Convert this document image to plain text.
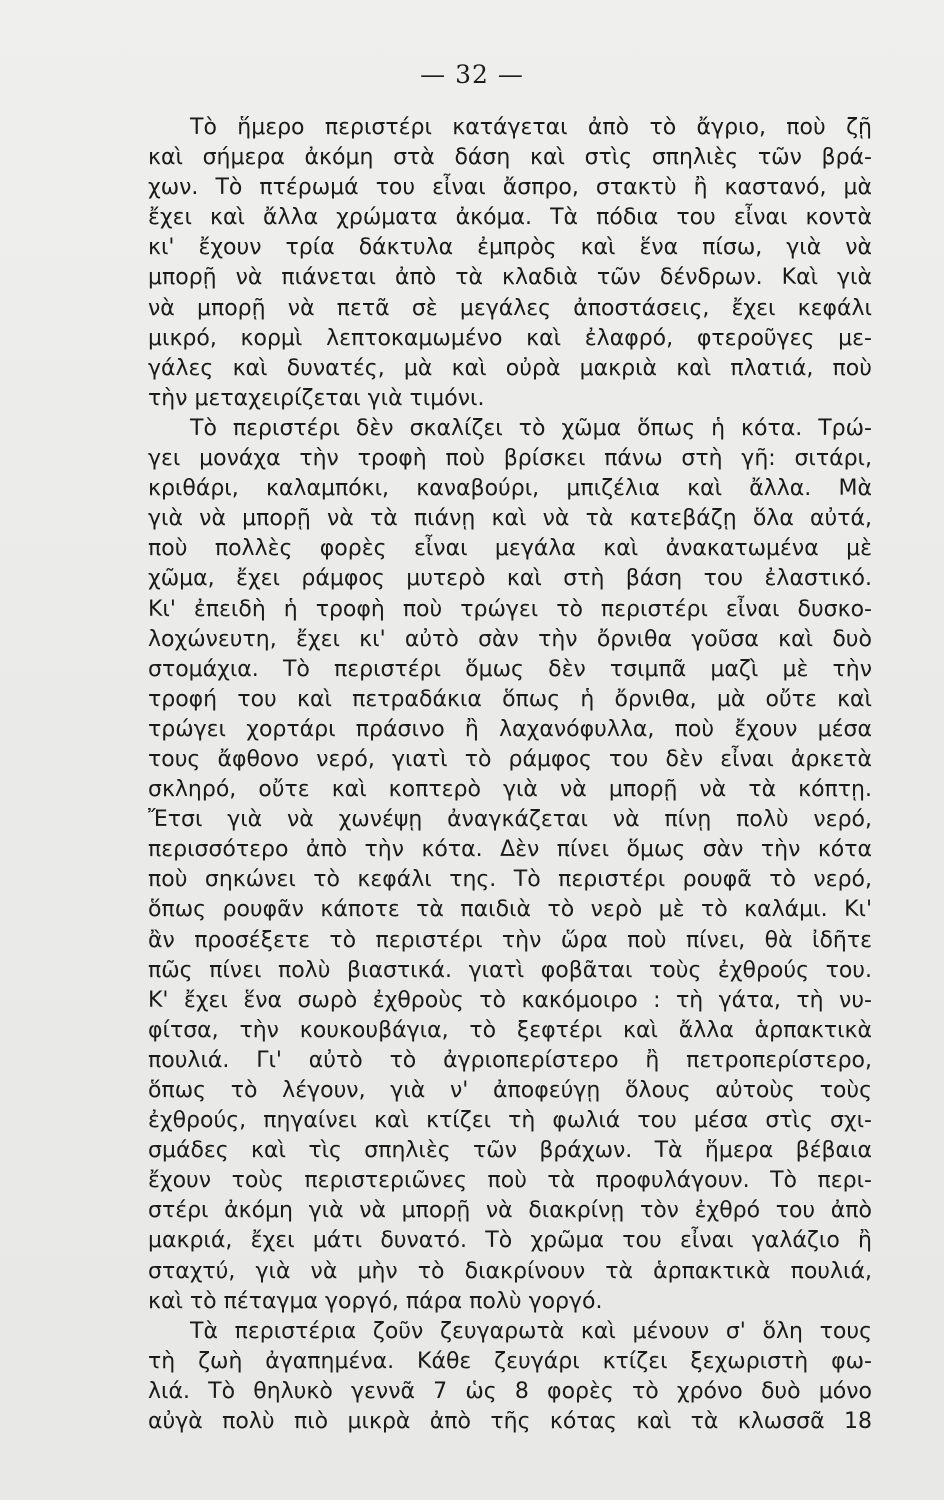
— 32 —
Τὸ ἥμερο περιστέρι κατάγεται ἀπὸ τὸ ἄγριο, ποὺ ζῇ
καὶ σήμερα ἀκόμη στὰ δάση καὶ στὶς σπηλιὲς τῶν βρά-
χων. Τὸ πτέρωμά του εἶναι ἄσπρο, στακτὺ ἢ καστανό, μὰ
ἔχει καὶ ἄλλα χρώματα ἀκόμα. Τὰ πόδια του εἶναι κοντὰ
κι' ἔχουν τρία δάκτυλα ἐμπρὸς καὶ ἕνα πίσω, γιὰ νὰ
μπορῇ νὰ πιάνεται ἀπὸ τὰ κλαδιὰ τῶν δένδρων. Καὶ γιὰ
νὰ μπορῇ νὰ πετᾶ σὲ μεγάλες ἀποστάσεις, ἔχει κεφάλι
μικρό, κορμὶ λεπτοκαμωμένο καὶ ἐλαφρό, φτεροῦγες με-
γάλες καὶ δυνατές, μὰ καὶ οὐρὰ μακριὰ καὶ πλατιά, ποὺ
τὴν μεταχειρίζεται γιὰ τιμόνι.
Τὸ περιστέρι δὲν σκαλίζει τὸ χῶμα ὅπως ἡ κότα. Τρώ-
γει μονάχα τὴν τροφὴ ποὺ βρίσκει πάνω στὴ γῆ: σιτάρι,
κριθάρι, καλαμπόκι, καναβούρι, μπιζέλια καὶ ἄλλα. Μὰ
γιὰ νὰ μπορῇ νὰ τὰ πιάνῃ καὶ νὰ τὰ κατεβάζῃ ὅλα αὐτά,
ποὺ πολλὲς φορὲς εἶναι μεγάλα καὶ ἀνακατωμένα μὲ
χῶμα, ἔχει ράμφος μυτερὸ καὶ στὴ βάση του ἐλαστικό.
Κι' ἐπειδὴ ἡ τροφὴ ποὺ τρώγει τὸ περιστέρι εἶναι δυσκο-
λοχώνευτη, ἔχει κι' αὐτὸ σὰν τὴν ὄρνιθα γοῦσα καὶ δυὸ
στομάχια. Τὸ περιστέρι ὅμως δὲν τσιμπᾶ μαζὶ μὲ τὴν
τροφή του καὶ πετραδάκια ὅπως ἡ ὄρνιθα, μὰ οὔτε καὶ
τρώγει χορτάρι πράσινο ἢ λαχανόφυλλα, ποὺ ἔχουν μέσα
τους ἄφθονο νερό, γιατὶ τὸ ράμφος του δὲν εἶναι ἀρκετὰ
σκληρό, οὔτε καὶ κοπτερὸ γιὰ νὰ μπορῇ νὰ τὰ κόπτῃ.
Ἔτσι γιὰ νὰ χωνέψῃ ἀναγκάζεται νὰ πίνῃ πολὺ νερό,
περισσότερο ἀπὸ τὴν κότα. Δὲν πίνει ὅμως σὰν τὴν κότα
ποὺ σηκώνει τὸ κεφάλι της. Τὸ περιστέρι ρουφᾶ τὸ νερό,
ὅπως ρουφᾶν κάποτε τὰ παιδιὰ τὸ νερὸ μὲ τὸ καλάμι. Κι'
ἂν προσέξετε τὸ περιστέρι τὴν ὥρα ποὺ πίνει, θὰ ἰδῆτε
πῶς πίνει πολὺ βιαστικά. γιατὶ φοβᾶται τοὺς ἐχθρούς του.
Κ' ἔχει ἕνα σωρὸ ἐχθροὺς τὸ κακόμοιρο : τὴ γάτα, τὴ νυ-
φίτσα, τὴν κουκουβάγια, τὸ ξεφτέρι καὶ ἄλλα ἁρπακτικὰ
πουλιά. Γι' αὐτὸ τὸ ἀγριοπερίστερο ἢ πετροπερίστερο,
ὅπως τὸ λέγουν, γιὰ ν' ἀποφεύγῃ ὅλους αὐτοὺς τοὺς
ἐχθρούς, πηγαίνει καὶ κτίζει τὴ φωλιά του μέσα στὶς σχι-
σμάδες καὶ τὶς σπηλιὲς τῶν βράχων. Τὰ ἥμερα βέβαια
ἔχουν τοὺς περιστεριῶνες ποὺ τὰ προφυλάγουν. Τὸ περι-
στέρι ἀκόμη γιὰ νὰ μπορῇ νὰ διακρίνῃ τὸν ἐχθρό του ἀπὸ
μακριά, ἔχει μάτι δυνατό. Τὸ χρῶμα του εἶναι γαλάζιο ἢ
σταχτύ, γιὰ νὰ μὴν τὸ διακρίνουν τὰ ἁρπακτικὰ πουλιά,
καὶ τὸ πέταγμα γοργό, πάρα πολὺ γοργό.
Τὰ περιστέρια ζοῦν ζευγαρωτὰ καὶ μένουν σ' ὅλη τους
τὴ ζωὴ ἀγαπημένα. Κάθε ζευγάρι κτίζει ξεχωριστὴ φω-
λιά. Τὸ θηλυκὸ γεννᾶ 7 ὡς 8 φορὲς τὸ χρόνο δυὸ μόνο
αὐγὰ πολὺ πιὸ μικρὰ ἀπὸ τῆς κότας καὶ τὰ κλωσσᾶ 18
